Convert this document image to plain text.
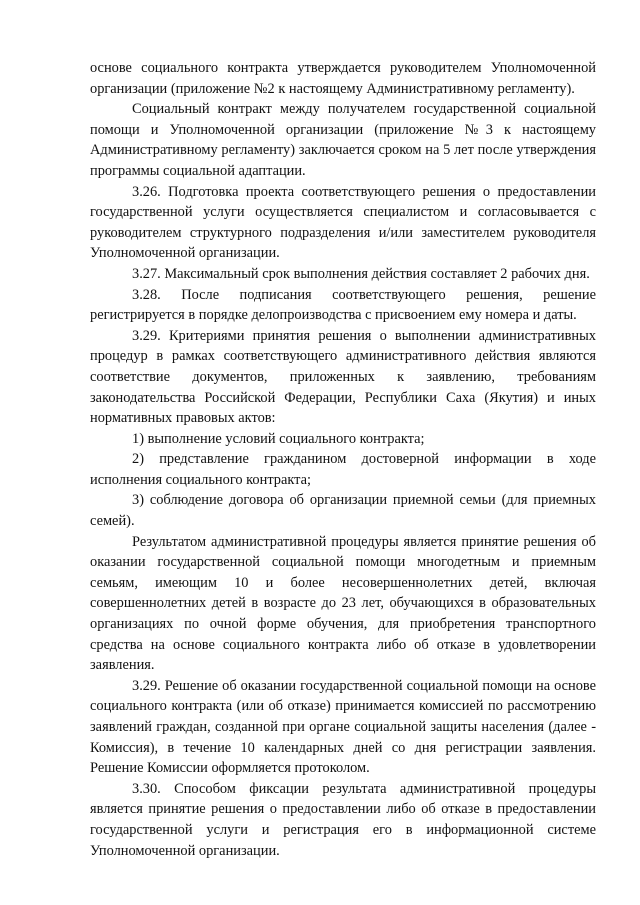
основе социального контракта утверждается руководителем Уполномоченной организации (приложение №2 к настоящему Административному регламенту).

Социальный контракт между получателем государственной социальной помощи и Уполномоченной организации (приложение №3 к настоящему Административному регламенту) заключается сроком на 5 лет после утверждения программы социальной адаптации.

3.26. Подготовка проекта соответствующего решения о предоставлении государственной услуги осуществляется специалистом и согласовывается с руководителем структурного подразделения и/или заместителем руководителя Уполномоченной организации.

3.27. Максимальный срок выполнения действия составляет 2 рабочих дня.

3.28. После подписания соответствующего решения, решение регистрируется в порядке делопроизводства с присвоением ему номера и даты.

3.29. Критериями принятия решения о выполнении административных процедур в рамках соответствующего административного действия являются соответствие документов, приложенных к заявлению, требованиям законодательства Российской Федерации, Республики Саха (Якутия) и иных нормативных правовых актов:

1) выполнение условий социального контракта;

2) представление гражданином достоверной информации в ходе исполнения социального контракта;

3) соблюдение договора об организации приемной семьи (для приемных семей).

Результатом административной процедуры является принятие решения об оказании государственной социальной помощи многодетным и приемным семьям, имеющим 10 и более несовершеннолетних детей, включая совершеннолетних детей в возрасте до 23 лет, обучающихся в образовательных организациях по очной форме обучения, для приобретения транспортного средства на основе социального контракта либо об отказе в удовлетворении заявления.

3.29. Решение об оказании государственной социальной помощи на основе социального контракта (или об отказе) принимается комиссией по рассмотрению заявлений граждан, созданной при органе социальной защиты населения (далее - Комиссия), в течение 10 календарных дней со дня регистрации заявления. Решение Комиссии оформляется протоколом.

3.30. Способом фиксации результата административной процедуры является принятие решения о предоставлении либо об отказе в предоставлении государственной услуги и регистрация его в информационной системе Уполномоченной организации.
